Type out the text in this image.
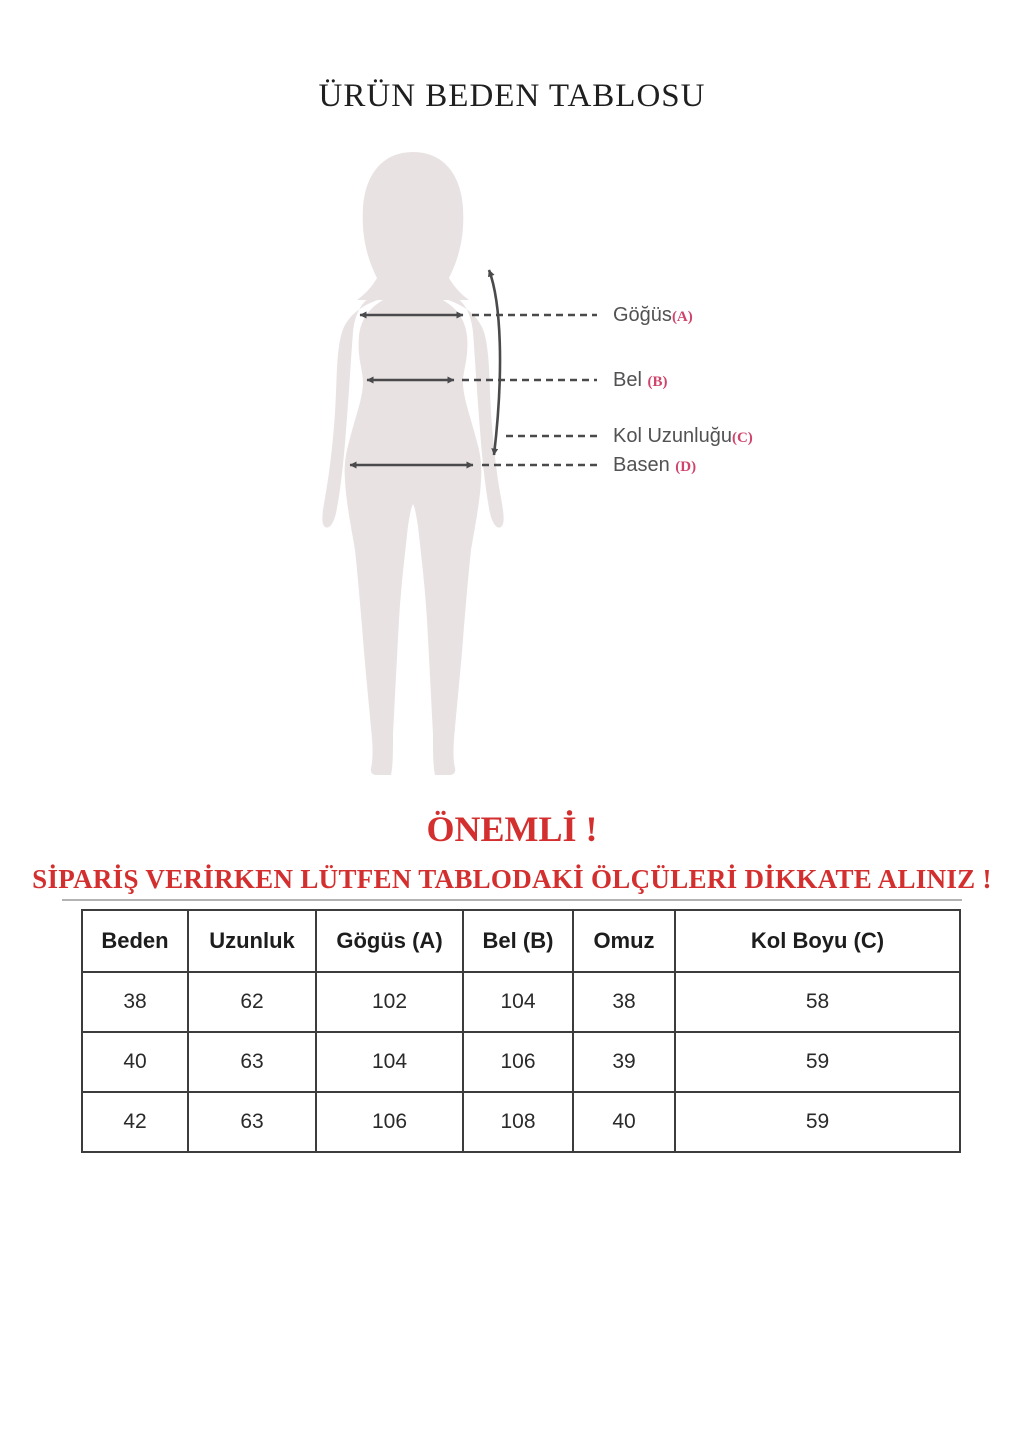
ÜRÜN BEDEN TABLOSU
Göğüs(A)
Bel (B)
Kol Uzunluğu(C)
Basen (D)
ÖNEMLİ !
SİPARİŞ VERİRKEN LÜTFEN TABLODAKİ ÖLÇÜLERİ DİKKATE ALINIZ !
Beden	Uzunluk	Gögüs (A)	Bel (B)	Omuz	Kol Boyu (C)
38	62	102	104	38	58
40	63	104	106	39	59
42	63	106	108	40	59
